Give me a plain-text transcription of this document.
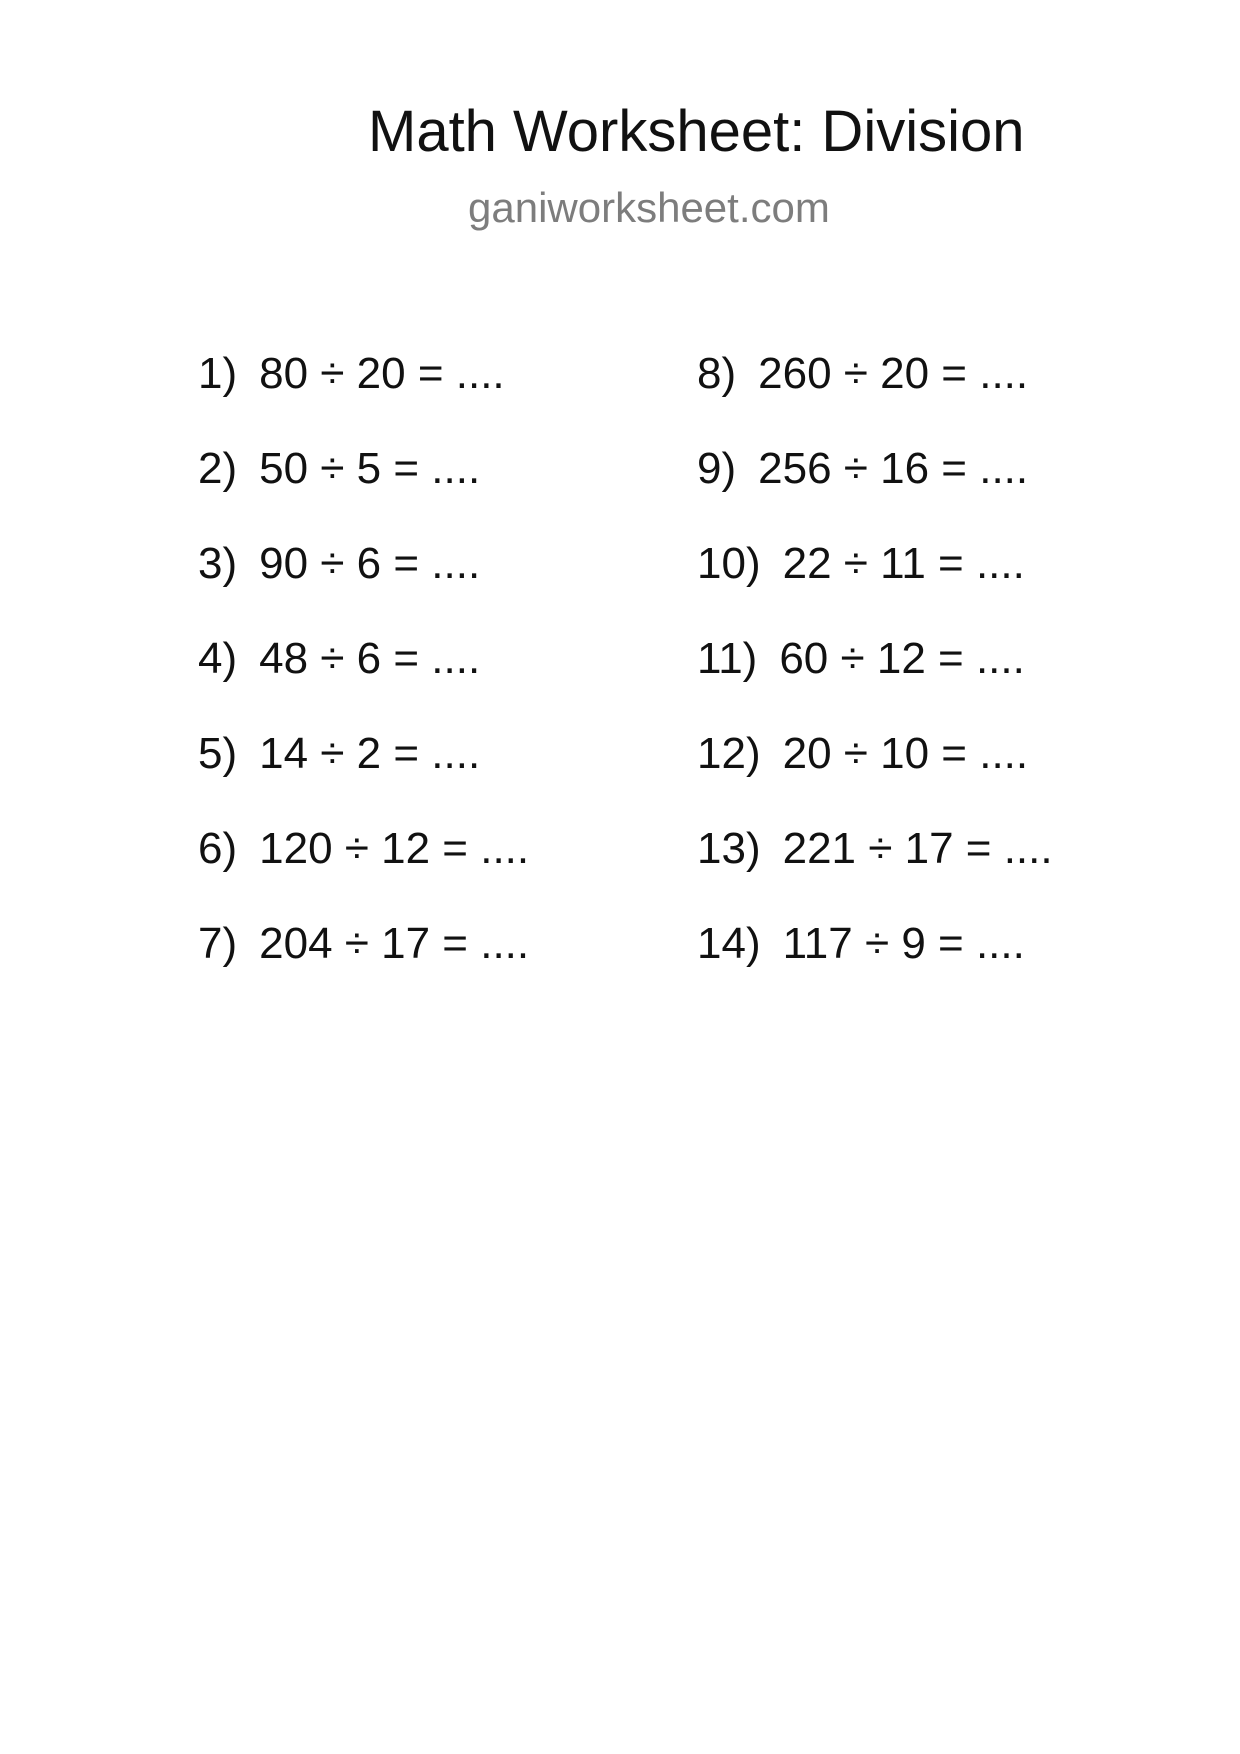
Math Worksheet: Division
ganiworksheet.com
1) 80 ÷ 20 = ....
2) 50 ÷ 5 = ....
3) 90 ÷ 6 = ....
4) 48 ÷ 6 = ....
5) 14 ÷ 2 = ....
6) 120 ÷ 12 = ....
7) 204 ÷ 17 = ....
8) 260 ÷ 20 = ....
9) 256 ÷ 16 = ....
10) 22 ÷ 11 = ....
11) 60 ÷ 12 = ....
12) 20 ÷ 10 = ....
13) 221 ÷ 17 = ....
14) 117 ÷ 9 = ....
